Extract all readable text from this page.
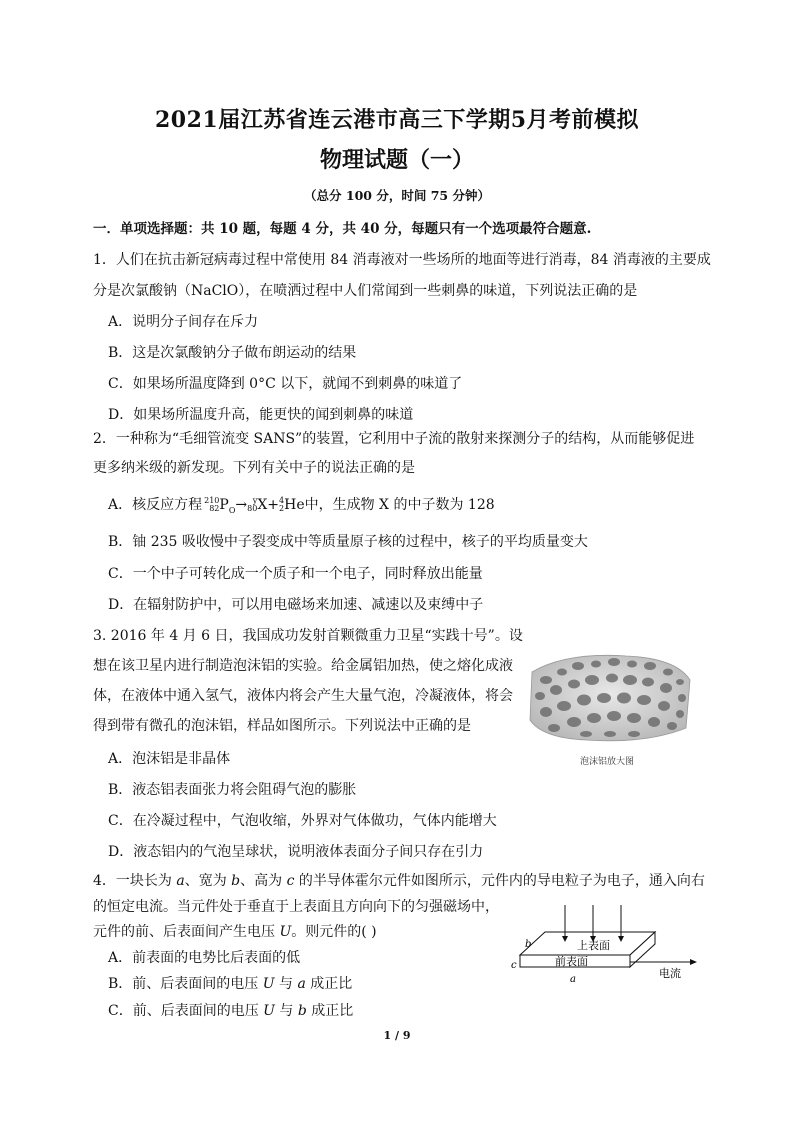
2021届江苏省连云港市高三下学期5月考前模拟
物理试题（一）
（总分 100 分，时间 75 分钟）
一．单项选择题：共 10 题，每题 4 分，共 40 分，每题只有一个选项最符合题意.
1．人们在抗击新冠病毒过程中常使用 84 消毒液对一些场所的地面等进行消毒，84 消毒液的主要成
分是次氯酸钠（NaClO），在喷洒过程中人们常闻到一些刺鼻的味道，下列说法正确的是
A．说明分子间存在斥力
B．这是次氯酸钠分子做布朗运动的结果
C．如果场所温度降到 0°C 以下，就闻不到刺鼻的味道了
D．如果场所温度升高，能更快的闻到刺鼻的味道
2．一种称为“毛细管流变 SANS”的装置，它利用中子流的散射来探测分子的结构，从而能够促进
更多纳米级的新发现。下列有关中子的说法正确的是
A．核反应方程 210
82 $P_O\to y$
80 X+ 4
2 He中，生成物 X 的中子数为 128
B．铀 235 吸收慢中子裂变成中等质量原子核的过程中，核子的平均质量变大
C．一个中子可转化成一个质子和一个电子，同时释放出能量
D．在辐射防护中，可以用电磁场来加速、减速以及束缚中子
3. 2016 年 4 月 6 日，我国成功发射首颗微重力卫星“实践十号”。设
想在该卫星内进行制造泡沫铝的实验。给金属铝加热，使之熔化成液
体，在液体中通入氢气，液体内将会产生大量气泡，冷凝液体，将会
得到带有微孔的泡沫铝，样品如图所示。下列说法中正确的是
A．泡沫铝是非晶体
B．液态铝表面张力将会阻碍气泡的膨胀
C．在冷凝过程中，气泡收缩，外界对气体做功，气体内能增大
D．液态铝内的气泡呈球状，说明液体表面分子间只存在引力
泡沫铝放大图
4．一块长为 a、宽为 b、高为 c 的半导体霍尔元件如图所示，元件内的导电粒子为电子，通入向右
的恒定电流。当元件处于垂直于上表面且方向向下的匀强磁场中，
元件的前、后表面间产生电压 U。则元件的( )
A．前表面的电势比后表面的低
B．前、后表面间的电压 U 与 a 成正比
C．前、后表面间的电压 U 与 b 成正比
上表面
前表面
电流
a
b
c
1 / 9
